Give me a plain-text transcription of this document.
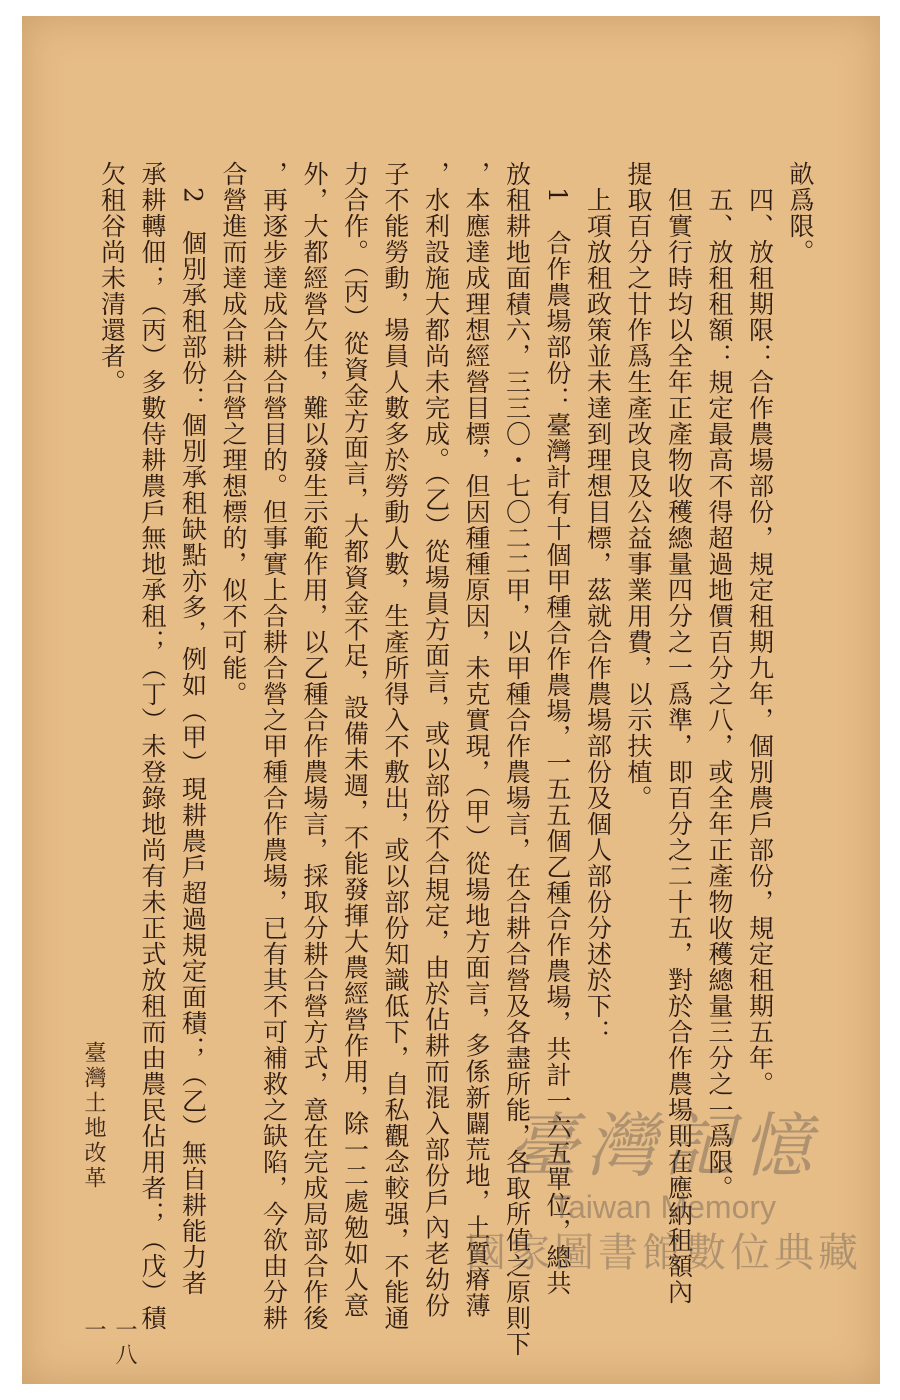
畝爲限。
　四、放租期限：合作農場部份，規定租期九年，個別農戶部份，規定租期五年。
　五、放租租額：規定最高不得超過地價百分之八，或全年正產物收穫總量三分之一爲限。
　但實行時均以全年正產物收穫總量四分之一爲準，即百分之二十五，對於合作農場則在應納租額內
提取百分之廿作爲生產改良及公益事業用費，以示扶植。
　上項放租政策並未達到理想目標，茲就合作農場部份及個人部份分述於下：
　1　合作農場部份：臺灣計有十個甲種合作農場，一五五個乙種合作農場，共計一六五單位，總共
放租耕地面積六，三三〇・七〇二二甲，以甲種合作農場言，在合耕合營及各盡所能，各取所值之原則下
，本應達成理想經營目標，但因種種原因，未克實現，（甲）從場地方面言，多係新闢荒地，土質瘠薄
，水利設施大都尚未完成。（乙）從場員方面言，或以部份不合規定，由於佔耕而混入部份戶內老幼份
子不能勞動，場員人數多於勞動人數，生產所得入不敷出，或以部份知識低下，自私觀念較强，不能通
力合作。（丙）從資金方面言，大都資金不足，設備未週，不能發揮大農經營作用，除一二處勉如人意
外，大都經營欠佳，難以發生示範作用，以乙種合作農場言，採取分耕合營方式，意在完成局部合作後
，再逐步達成合耕合營目的。但事實上合耕合營之甲種合作農場，已有其不可補救之缺陷，今欲由分耕
合營進而達成合耕合營之理想標的，似不可能。
　2　個別承租部份：個別承租缺點亦多，例如（甲）現耕農戶超過規定面積；（乙）無自耕能力者
承耕轉佃；（丙）多數侍耕農戶無地承租；（丁）未登錄地尚有未正式放租而由農民佔用者；（戊）積
欠租谷尚未清還者。
臺灣土地改革
一八一
臺灣記憶
Taiwan Memory
國家圖書館數位典藏
